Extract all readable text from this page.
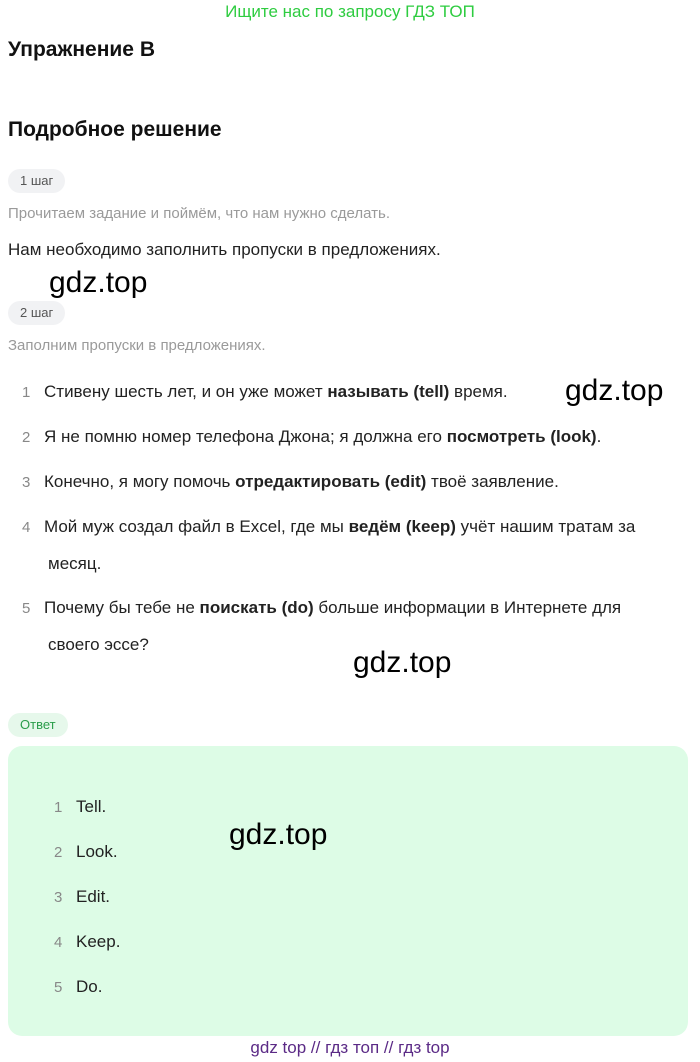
Ищите нас по запросу ГДЗ ТОП
Упражнение B
Подробное решение
1 шаг
Прочитаем задание и поймём, что нам нужно сделать.
Нам необходимо заполнить пропуски в предложениях.
gdz.top
2 шаг
Заполним пропуски в предложениях.
1 Стивену шесть лет, и он уже может называть (tell) время.	gdz.top
2 Я не помню номер телефона Джона; я должна его посмотреть (look).
3 Конечно, я могу помочь отредактировать (edit) твоё заявление.
4 Мой муж создал файл в Excel, где мы ведём (keep) учёт нашим тратам за
месяц.
5 Почему бы тебе не поискать (do) больше информации в Интернете для
своего эссе?
gdz.top
Ответ
1 Tell.
2 Look.
3 Edit.
4 Keep.
5 Do.
gdz.top
gdz top // гдз топ // гдз top
